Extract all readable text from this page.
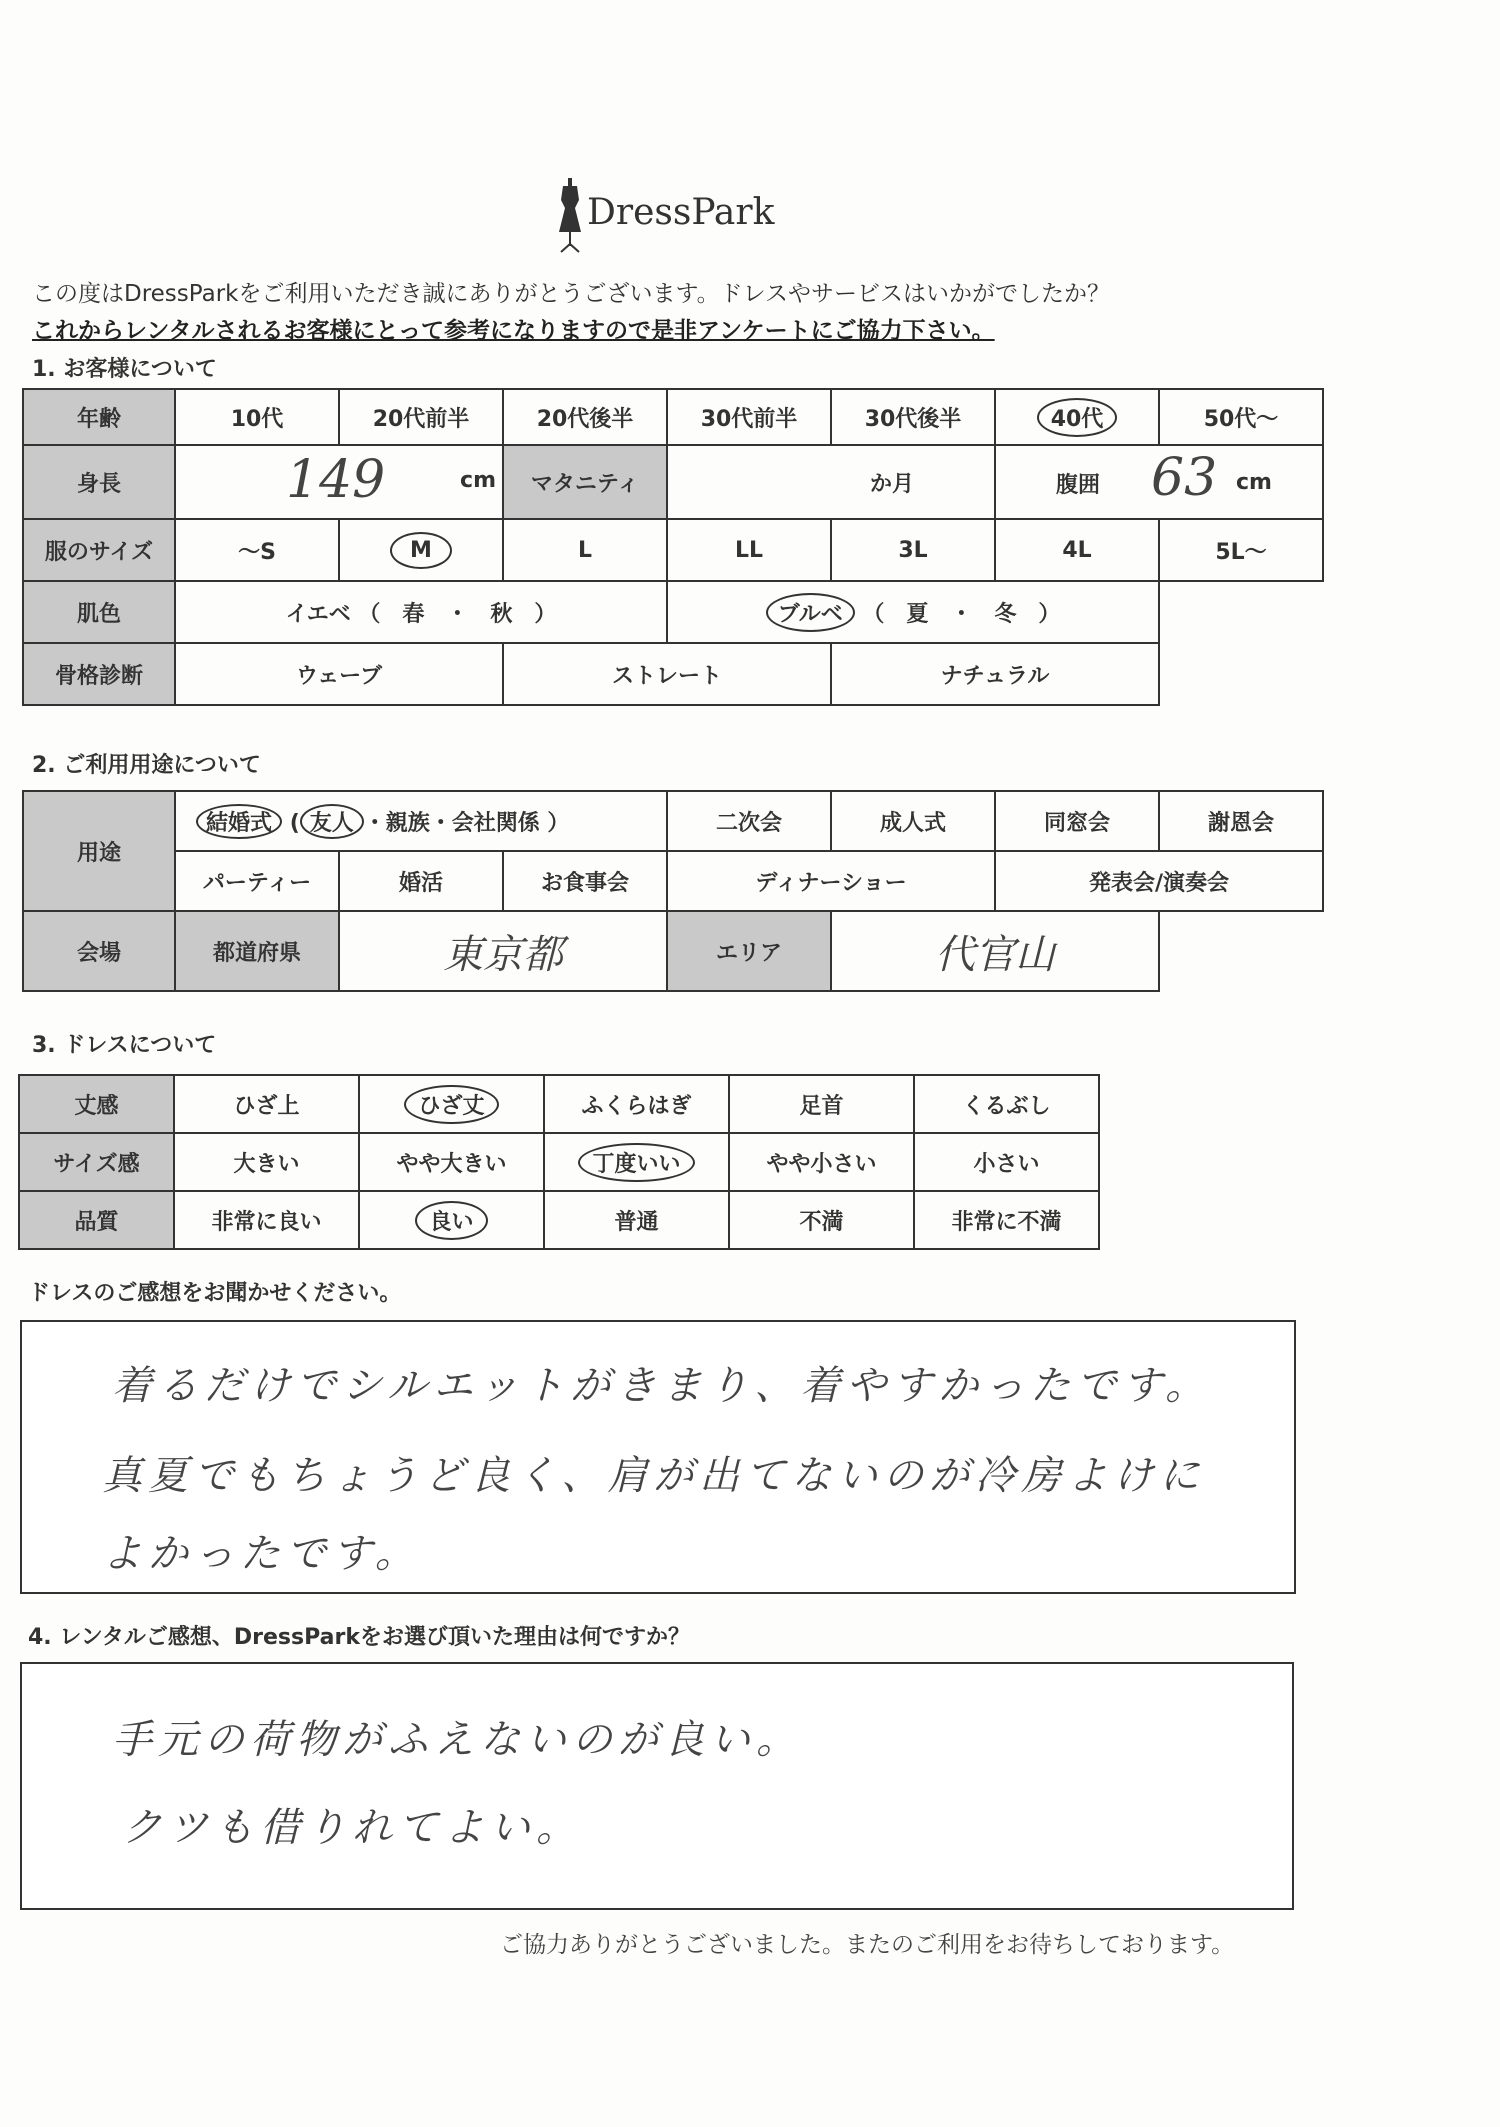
DressPark
この度はDressParkをご利用いただき誠にありがとうございます。ドレスやサービスはいかがでしたか？
これからレンタルされるお客様にとって参考になりますので是非アンケートにご協力下さい。
1. お客様について
年齢	10代	20代前半	20代後半	30代前半	30代後半	40代	50代～
身長	149 cm		マタニティ	か月		腹囲 63 cm	

服のサイズ	～S	M	L	LL	3L	4L	5L～
肌色	イエベ （　春　・　秋　）			ブルベ （　夏　・　冬　）			
骨格診断	ウェーブ		ストレート		ナチュラル		
2. ご利用用途について
用途	結婚式 ( 友人 ・親族・会社関係 ）			二次会	成人式	同窓会	謝恩会
	パーティー	婚活	お食事会	ディナーショー		発表会/演奏会	
会場	都道府県	東京都		エリア	代官山		
3. ドレスについて
丈感	ひざ上	ひざ丈	ふくらはぎ	足首	くるぶし
サイズ感	大きい	やや大きい	丁度いい	やや小さい	小さい
品質	非常に良い	良い	普通	不満	非常に不満
ドレスのご感想をお聞かせください。
着るだけでシルエットがきまり、着やすかったです。
真夏でもちょうど良く、肩が出てないのが冷房よけに
よかったです。
4. レンタルご感想、DressParkをお選び頂いた理由は何ですか？
手元の荷物がふえないのが良い。
クツも借りれてよい。
ご協力ありがとうございました。またのご利用をお待ちしております。
